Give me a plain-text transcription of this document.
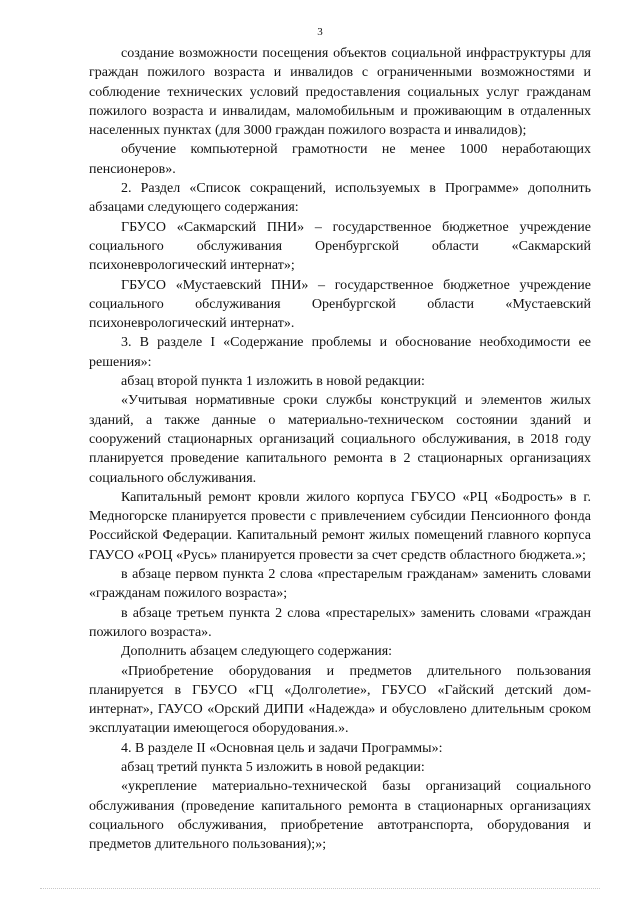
3

создание возможности посещения объектов социальной инфраструктуры для граждан пожилого возраста и инвалидов с ограниченными возможностями и соблюдение технических условий предоставления социальных услуг гражданам пожилого возраста и инвалидам, маломобильным и проживающим в отдаленных населенных пунктах (для 3000 граждан пожилого возраста и инвалидов);

обучение компьютерной грамотности не менее 1000 неработающих пенсионеров».

2. Раздел «Список сокращений, используемых в Программе» дополнить абзацами следующего содержания:

ГБУСО «Сакмарский ПНИ» – государственное бюджетное учреждение социального обслуживания Оренбургской области «Сакмарский психоневрологический интернат»;

ГБУСО «Мустаевский ПНИ» – государственное бюджетное учреждение социального обслуживания Оренбургской области «Мустаевский психоневрологический интернат».

3. В разделе I «Содержание проблемы и обоснование необходимости ее решения»:

абзац второй пункта 1 изложить в новой редакции:

«Учитывая нормативные сроки службы конструкций и элементов жилых зданий, а также данные о материально-техническом состоянии зданий и сооружений стационарных организаций социального обслуживания, в 2018 году планируется проведение капитального ремонта в 2 стационарных организациях социального обслуживания.

Капитальный ремонт кровли жилого корпуса ГБУСО «РЦ «Бодрость» в г. Медногорске планируется провести с привлечением субсидии Пенсионного фонда Российской Федерации. Капитальный ремонт жилых помещений главного корпуса ГАУСО «РОЦ «Русь» планируется провести за счет средств областного бюджета.»;

в абзаце первом пункта 2 слова «престарелым гражданам» заменить словами «гражданам пожилого возраста»;

в абзаце третьем пункта 2 слова «престарелых» заменить словами «граждан пожилого возраста».

Дополнить абзацем следующего содержания:

«Приобретение оборудования и предметов длительного пользования планируется в ГБУСО «ГЦ «Долголетие», ГБУСО «Гайский детский дом-интернат», ГАУСО «Орский ДИПИ «Надежда» и обусловлено длительным сроком эксплуатации имеющегося оборудования.».

4. В разделе II «Основная цель и задачи Программы»:

абзац третий пункта 5 изложить в новой редакции:

«укрепление материально-технической базы организаций социального обслуживания (проведение капитального ремонта в стационарных организациях социального обслуживания, приобретение автотранспорта, оборудования и предметов длительного пользования);»;
